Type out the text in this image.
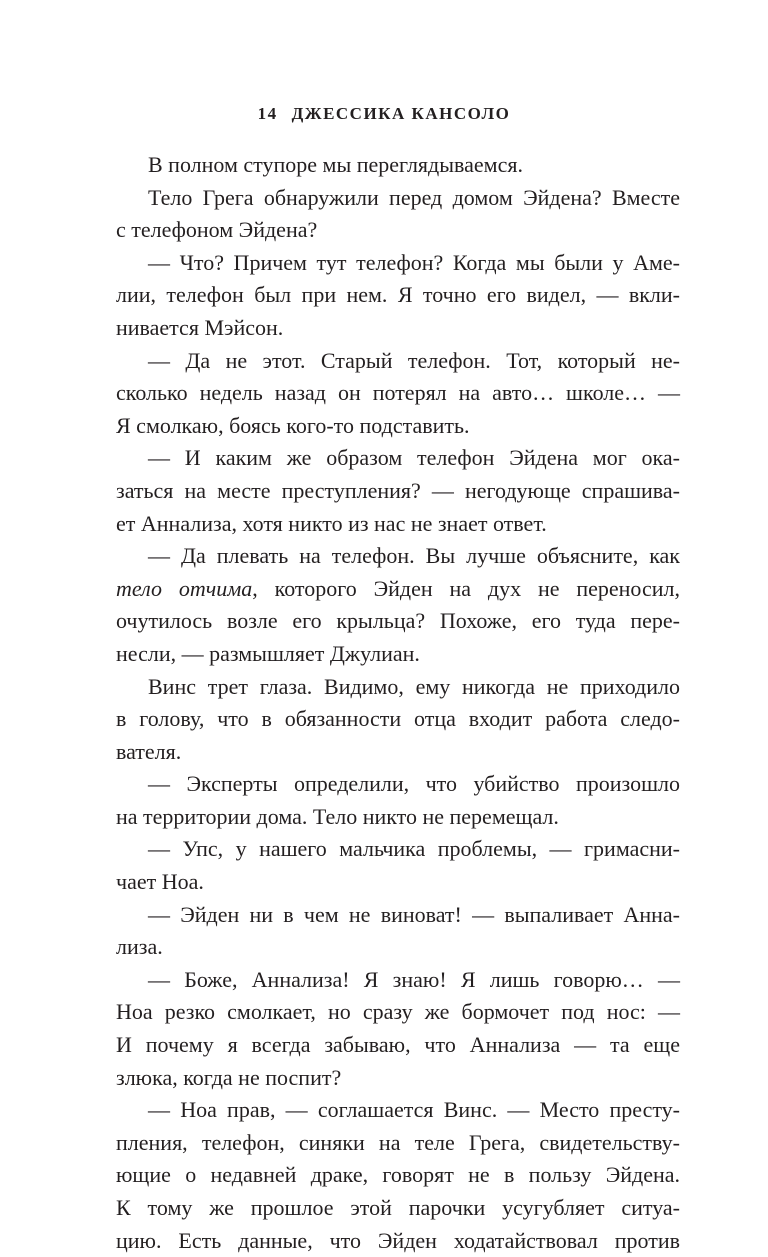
14 ДЖЕССИКА КАНСОЛО
В полном ступоре мы переглядываемся.
Тело Грега обнаружили перед домом Эйдена? Вместе
с телефоном Эйдена?
— Что? Причем тут телефон? Когда мы были у Аме-
лии, телефон был при нем. Я точно его видел, — вкли-
нивается Мэйсон.
— Да не этот. Старый телефон. Тот, который не-
сколько недель назад он потерял на авто… школе… —
Я смолкаю, боясь кого-то подставить.
— И каким же образом телефон Эйдена мог ока-
заться на месте преступления? — негодующе спрашива-
ет Аннализа, хотя никто из нас не знает ответ.
— Да плевать на телефон. Вы лучше объясните, как
тело отчима, которого Эйден на дух не переносил,
очутилось возле его крыльца? Похоже, его туда пере-
несли, — размышляет Джулиан.
Винс трет глаза. Видимо, ему никогда не приходило
в голову, что в обязанности отца входит работа следо-
вателя.
— Эксперты определили, что убийство произошло
на территории дома. Тело никто не перемещал.
— Упс, у нашего мальчика проблемы, — гримасни-
чает Ноа.
— Эйден ни в чем не виноват! — выпаливает Анна-
лиза.
— Боже, Аннализа! Я знаю! Я лишь говорю… —
Ноа резко смолкает, но сразу же бормочет под нос: —
И почему я всегда забываю, что Аннализа — та еще
злюка, когда не поспит?
— Ноа прав, — соглашается Винс. — Место престу-
пления, телефон, синяки на теле Грега, свидетельству-
ющие о недавней драке, говорят не в пользу Эйдена.
К тому же прошлое этой парочки усугубляет ситуа-
цию. Есть данные, что Эйден ходатайствовал против
